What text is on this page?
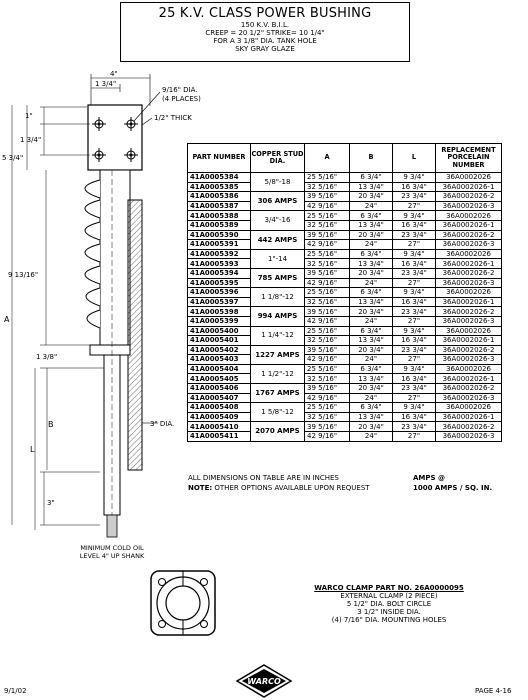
25 K.V. CLASS POWER BUSHING
150 K.V. B.I.L.
CREEP = 20 1/2" STRIKE= 10 1/4"
FOR A 3 1/8" DIA. TANK HOLE
SKY GRAY GLAZE
4"
1 3/4"
9/16" DIA.
(4 PLACES)
1/2" THICK
1"
1 3/4"
5 3/4"
A
9 13/16"
1 3/8"
B
L
3"
3" DIA.
PART NUMBER	COPPER STUD DIA.	A	B	L	REPLACEMENT PORCELAIN NUMBER
41A0005384	5/8"-18	25 5/16"	6 3/4"	9 3/4"	36A0002026
41A0005385		32 5/16"	13 3/4"	16 3/4"	36A0002026-1
41A0005386	306 AMPS	39 5/16"	20 3/4"	23 3/4"	36A0002026-2
41A0005387		42 9/16"	24"	27"	36A0002026-3
41A0005388	3/4"-16	25 5/16"	6 3/4"	9 3/4"	36A0002026
41A0005389		32 5/16"	13 3/4"	16 3/4"	36A0002026-1
41A0005390	442 AMPS	39 5/16"	20 3/4"	23 3/4"	36A0002026-2
41A0005391		42 9/16"	24"	27"	36A0002026-3
41A0005392	1"-14	25 5/16"	6 3/4"	9 3/4"	36A0002026
41A0005393		32 5/16"	13 3/4"	16 3/4"	36A0002026-1
41A0005394	785 AMPS	39 5/16"	20 3/4"	23 3/4"	36A0002026-2
41A0005395		42 9/16"	24"	27"	36A0002026-3
41A0005396	1 1/8"-12	25 5/16"	6 3/4"	9 3/4"	36A0002026
41A0005397		32 5/16"	13 3/4"	16 3/4"	36A0002026-1
41A0005398	994 AMPS	39 5/16"	20 3/4"	23 3/4"	36A0002026-2
41A0005399		42 9/16"	24"	27"	36A0002026-3
41A0005400	1 1/4"-12	25 5/16"	6 3/4"	9 3/4"	36A0002026
41A0005401		32 5/16"	13 3/4"	16 3/4"	36A0002026-1
41A0005402	1227 AMPS	39 5/16"	20 3/4"	23 3/4"	36A0002026-2
41A0005403		42 9/16"	24"	27"	36A0002026-3
41A0005404	1 1/2"-12	25 5/16"	6 3/4"	9 3/4"	36A0002026
41A0005405		32 5/16"	13 3/4"	16 3/4"	36A0002026-1
41A0005406	1767 AMPS	39 5/16"	20 3/4"	23 3/4"	36A0002026-2
41A0005407		42 9/16"	24"	27"	36A0002026-3
41A0005408	1 5/8"-12	25 5/16"	6 3/4"	9 3/4"	36A0002026
41A0005409		32 5/16"	13 3/4"	16 3/4"	36A0002026-1
41A0005410	2070 AMPS	39 5/16"	20 3/4"	23 3/4"	36A0002026-2
41A0005411		42 9/16"	24"	27"	36A0002026-3
ALL DIMENSIONS ON TABLE ARE IN INCHES
NOTE: OTHER OPTIONS AVAILABLE UPON REQUEST
AMPS @
1000 AMPS / SQ. IN.
MINIMUM COLD OIL
LEVEL 4" UP SHANK
WARCO CLAMP PART NO. 26A0000095
EXTERNAL CLAMP (2 PIECE)
5 1/2" DIA. BOLT CIRCLE
3 1/2" INSIDE DIA.
(4) 7/16" DIA. MOUNTING HOLES
WARCO
9/1/02	PAGE 4-16
